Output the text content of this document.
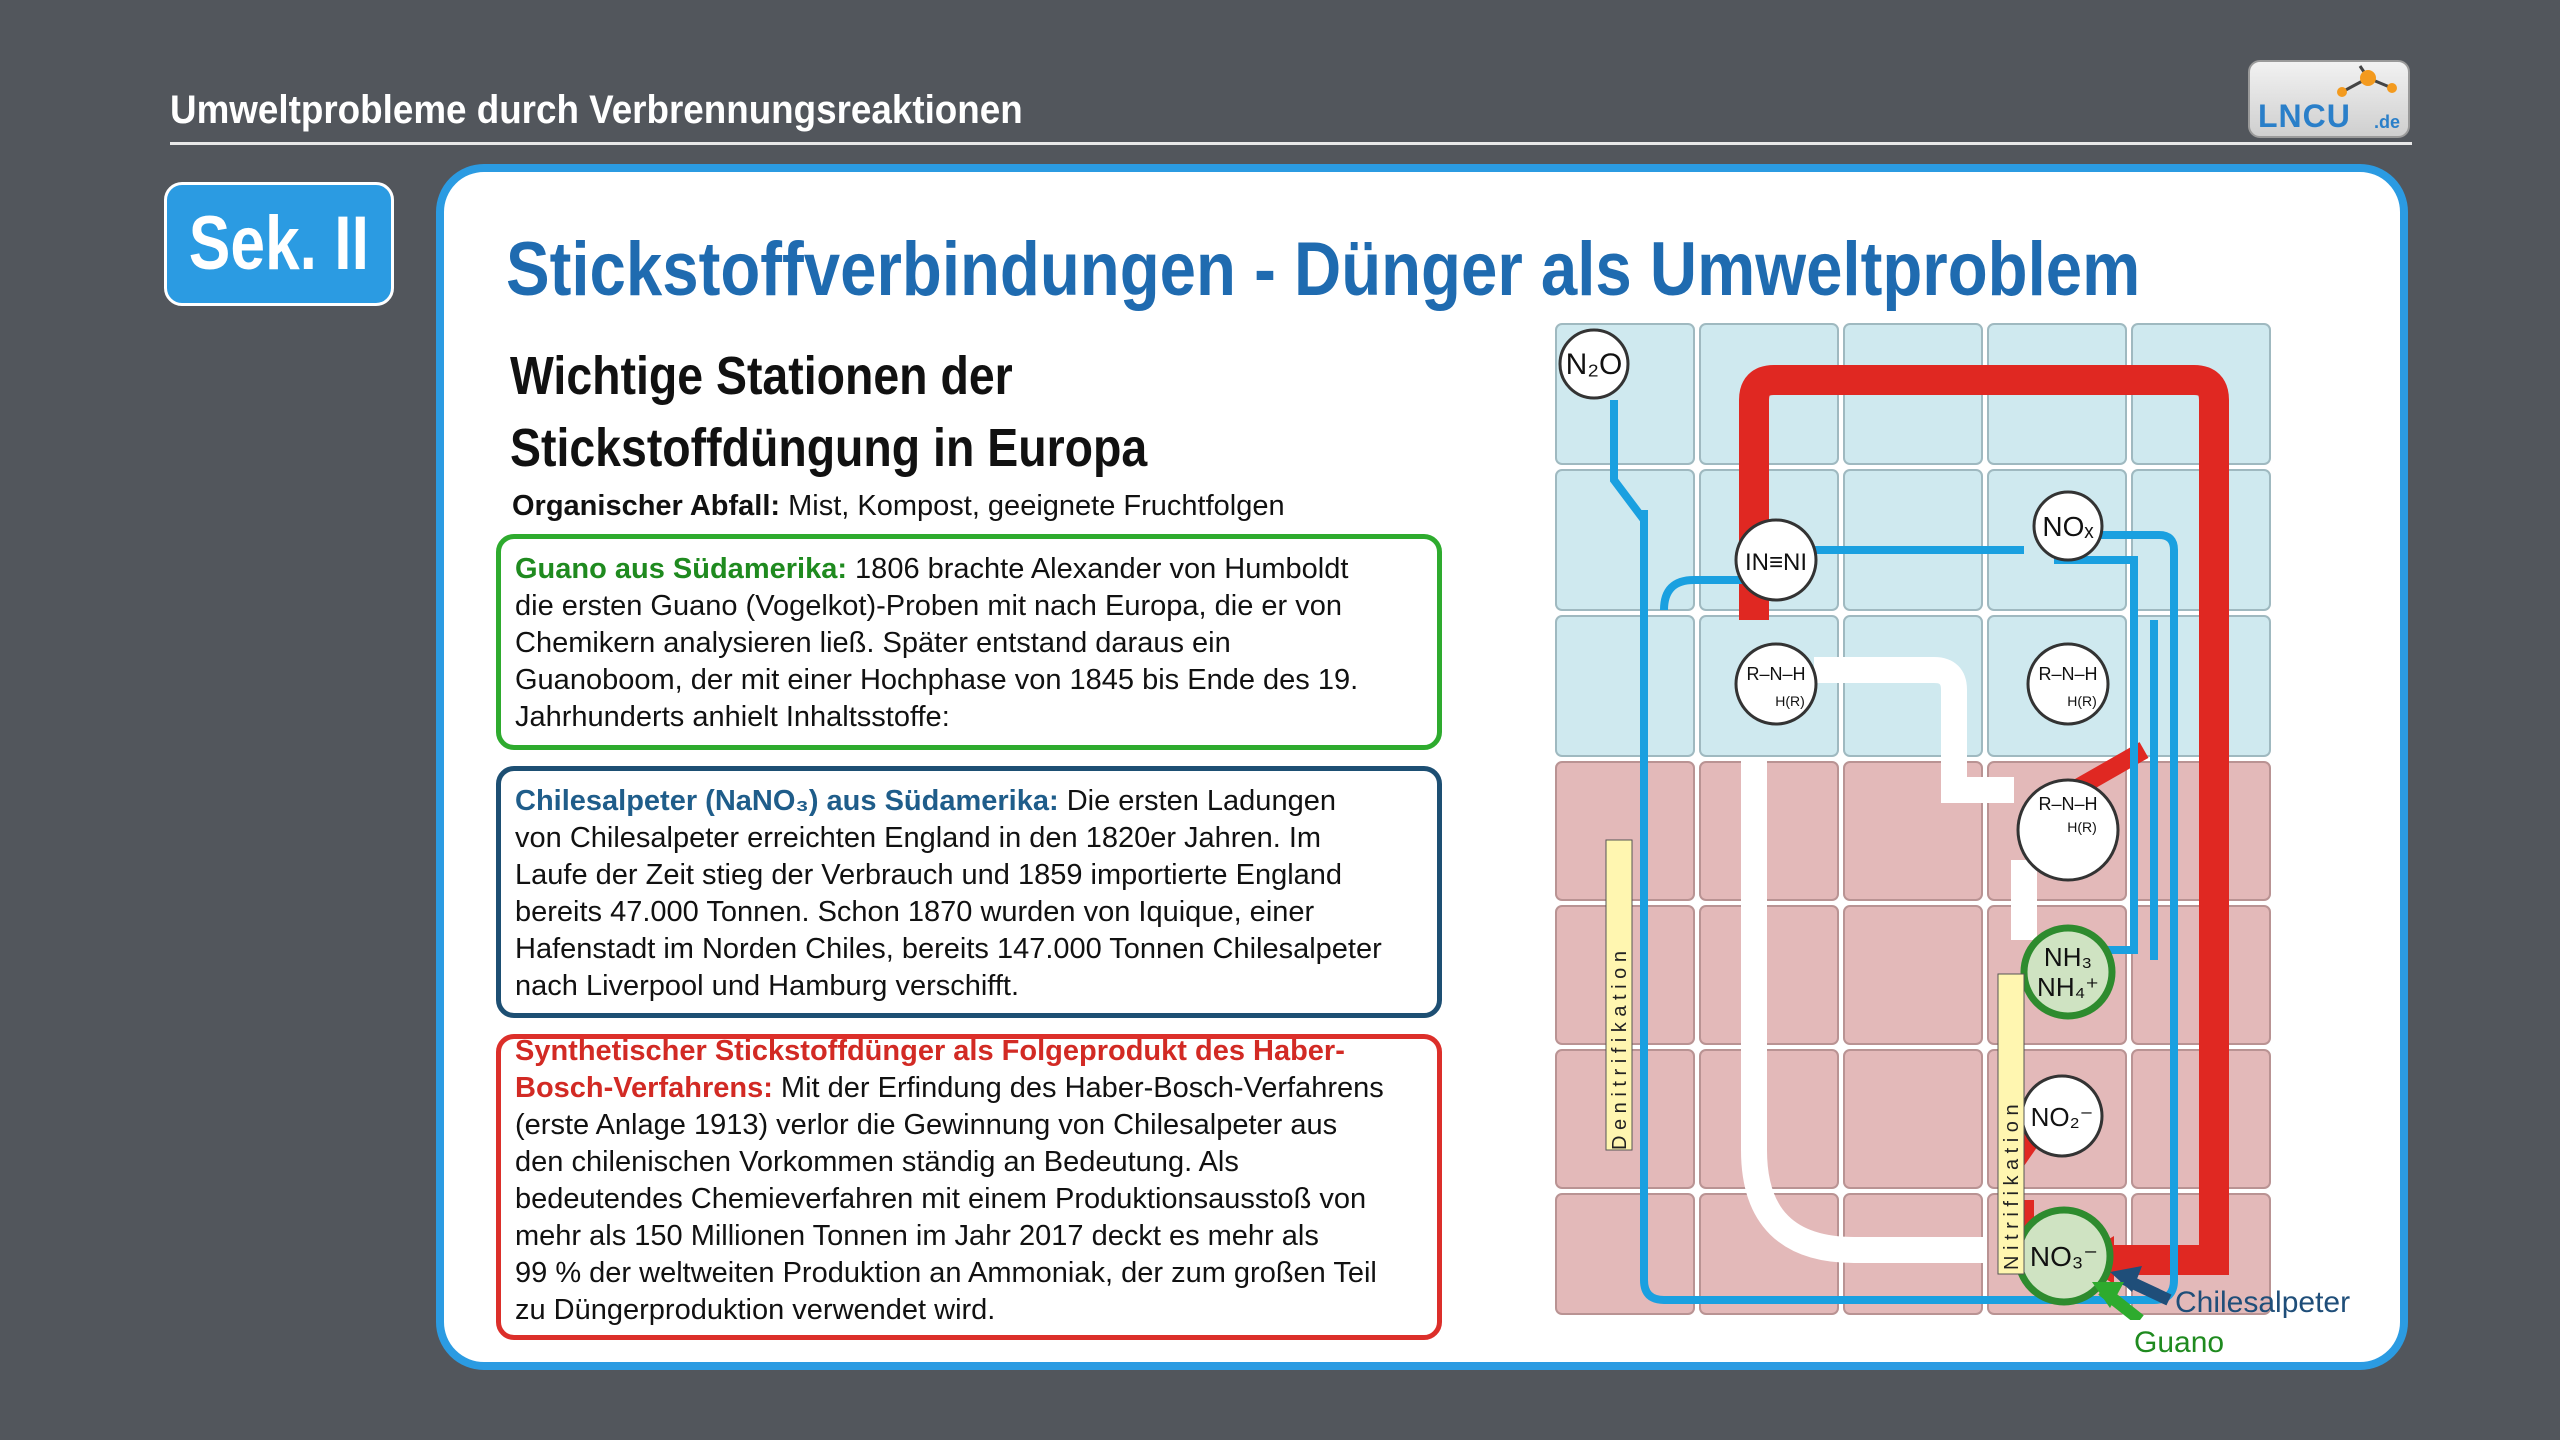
Umweltprobleme durch Verbrennungsreaktionen	LNCU .de
Sek. II	Stickstoffverbindungen - Dünger als Umweltproblem
Wichtige Stationen der
Stickstoffdüngung in Europa
Organischer Abfall: Mist, Kompost, geeignete Fruchtfolgen
Guano aus Südamerika: 1806 brachte Alexander von Humboldt
die ersten Guano (Vogelkot)-Proben mit nach Europa, die er von
Chemikern analysieren ließ. Später entstand daraus ein
Guanoboom, der mit einer Hochphase von 1845 bis Ende des 19.
Jahrhunderts anhielt Inhaltsstoffe:
Chilesalpeter (NaNO₃) aus Südamerika: Die ersten Ladungen
von Chilesalpeter erreichten England in den 1820er Jahren. Im
Laufe der Zeit stieg der Verbrauch und 1859 importierte England
bereits 47.000 Tonnen. Schon 1870 wurden von Iquique, einer
Hafenstadt im Norden Chiles, bereits 147.000 Tonnen Chilesalpeter
nach Liverpool und Hamburg verschifft.
Synthetischer Stickstoffdünger als Folgeprodukt des Haber-
Bosch-Verfahrens: Mit der Erfindung des Haber-Bosch-Verfahrens
(erste Anlage 1913) verlor die Gewinnung von Chilesalpeter aus
den chilenischen Vorkommen ständig an Bedeutung. Als
bedeutendes Chemieverfahren mit einem Produktionsausstoß von
mehr als 150 Millionen Tonnen im Jahr 2017 deckt es mehr als
99 % der weltweiten Produktion an Ammoniak, der zum großen Teil
zu Düngerproduktion verwendet wird.
N₂O
IN≡NI
NOₓ
R–N–H
H(R)
R–N–H
H(R)
R–N–H
H(R)
NH₃
NH₄⁺
NO₂⁻
NO₃⁻
D e n i t r i f i k a t i o n
N i t r i f i k a t i o n
Chilesalpeter
Guano
